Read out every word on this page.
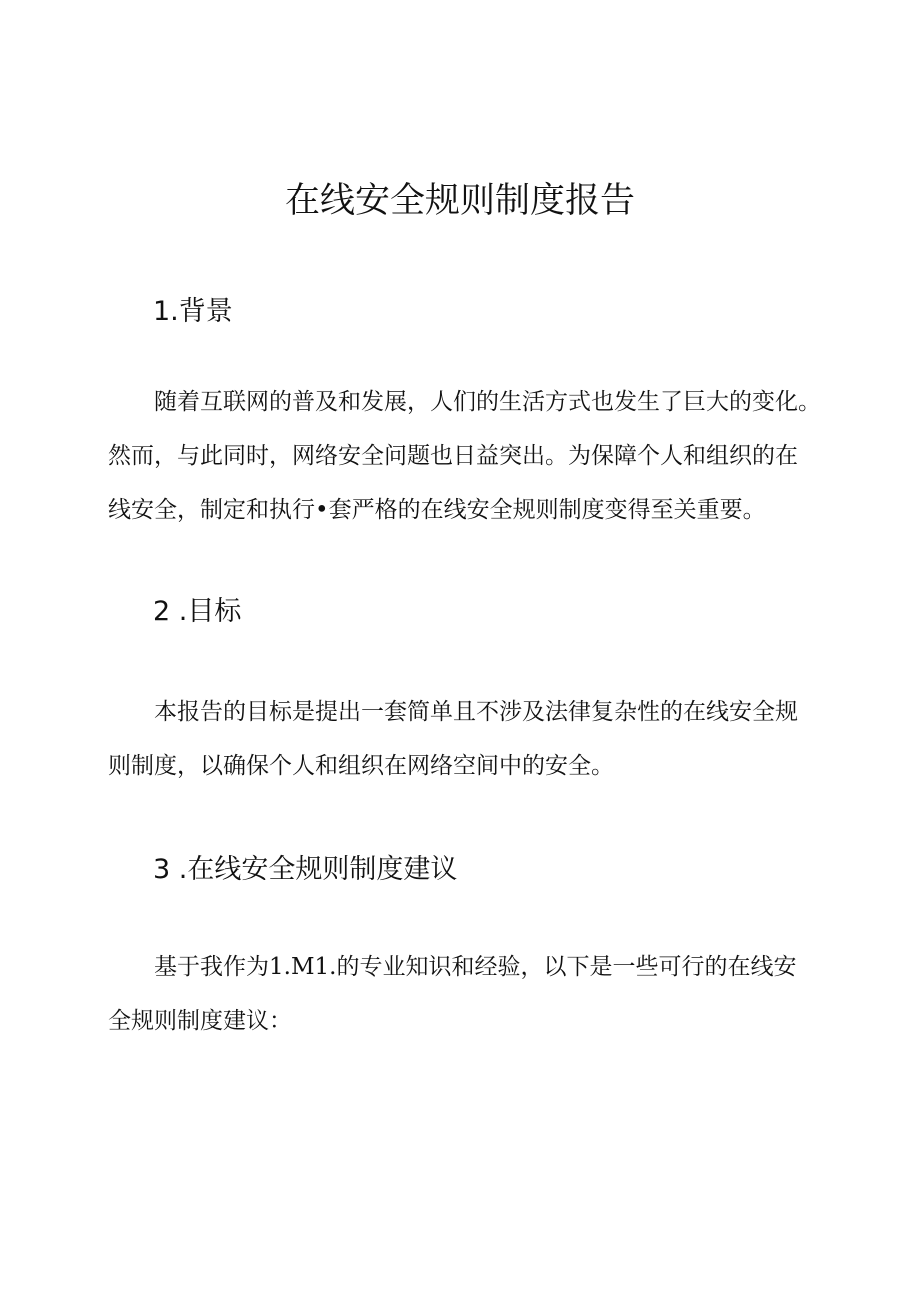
在线安全规则制度报告
1.背景
随着互联网的普及和发展，人们的生活方式也发生了巨大的变化。
然而，与此同时，网络安全问题也日益突出。为保障个人和组织的在
线安全，制定和执行•套严格的在线安全规则制度变得至关重要。
2 .目标
本报告的目标是提出一套简单且不涉及法律复杂性的在线安全规
则制度，以确保个人和组织在网络空间中的安全。
3 .在线安全规则制度建议
基于我作为1.M1.的专业知识和经验，以下是一些可行的在线安
全规则制度建议：
